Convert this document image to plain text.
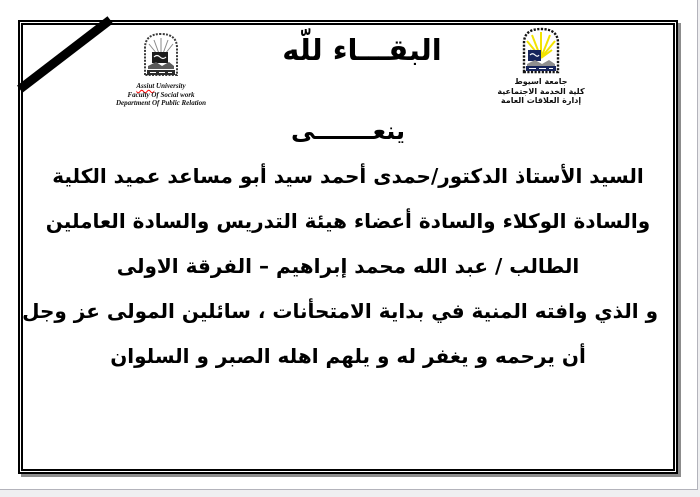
Assiut University
Faculty Of Social work
Department Of Public Relation
البقـــاء للّه
جامعة اسيوط
كلية الخدمة الاجتماعية
إدارة العلاقات العامة
ينعـــــــى
السيد الأستاذ الدكتور/حمدى أحمد سيد أبو مساعد عميد الكلية
والسادة الوكلاء والسادة أعضاء هيئة التدريس والسادة العاملين
الطالب / عبد الله محمد إبراهيم – الفرقة الاولى
و الذي وافته المنية في بداية الامتحأنات ، سائلين المولى عز وجل
أن يرحمه و يغفر له و يلهم اهله الصبر و السلوان
